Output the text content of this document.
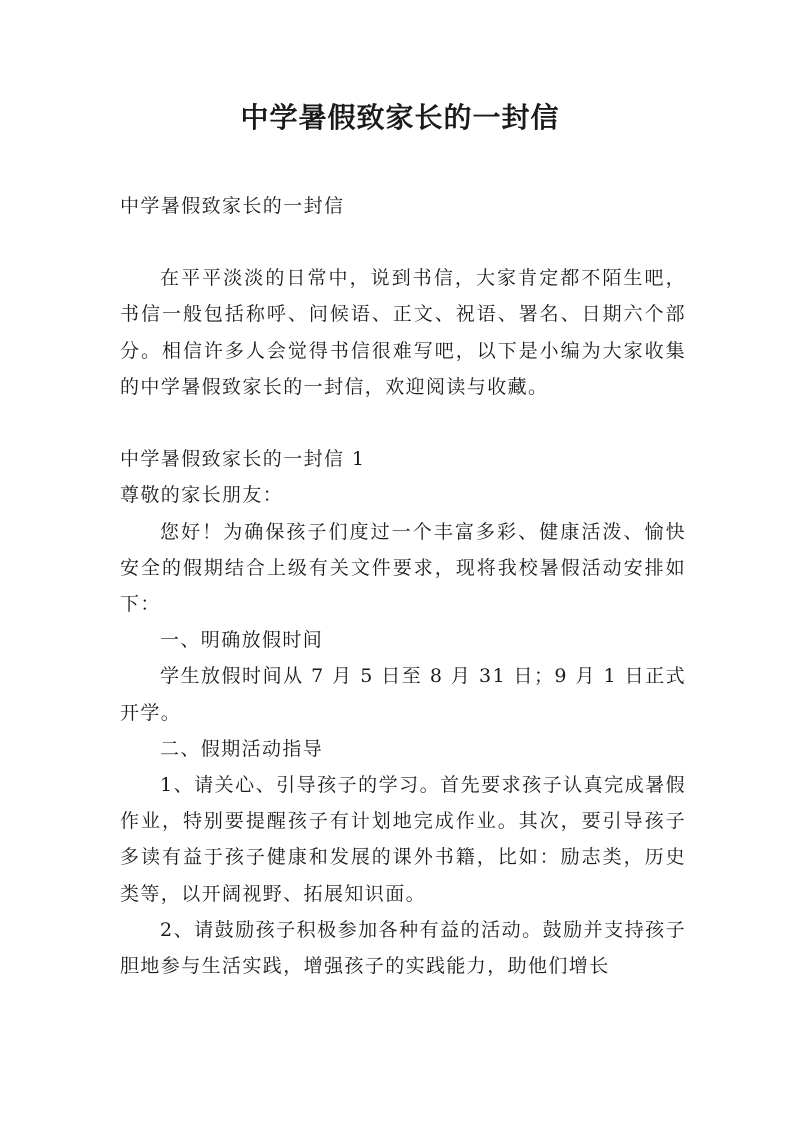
中学暑假致家长的一封信

中学暑假致家长的一封信

在平平淡淡的日常中，说到书信，大家肯定都不陌生吧，书信一般包括称呼、问候语、正文、祝语、署名、日期六个部分。相信许多人会觉得书信很难写吧，以下是小编为大家收集的中学暑假致家长的一封信，欢迎阅读与收藏。

中学暑假致家长的一封信 1

尊敬的家长朋友：

您好！为确保孩子们度过一个丰富多彩、健康活泼、愉快安全的假期结合上级有关文件要求，现将我校暑假活动安排如下：

一、明确放假时间

学生放假时间从 7 月 5 日至 8 月 31 日；9 月 1 日正式开学。

二、假期活动指导

1、请关心、引导孩子的学习。首先要求孩子认真完成暑假作业，特别要提醒孩子有计划地完成作业。其次，要引导孩子多读有益于孩子健康和发展的课外书籍，比如：励志类，历史类等，以开阔视野、拓展知识面。

2、请鼓励孩子积极参加各种有益的活动。鼓励并支持孩子胆地参与生活实践，增强孩子的实践能力，助他们增长
